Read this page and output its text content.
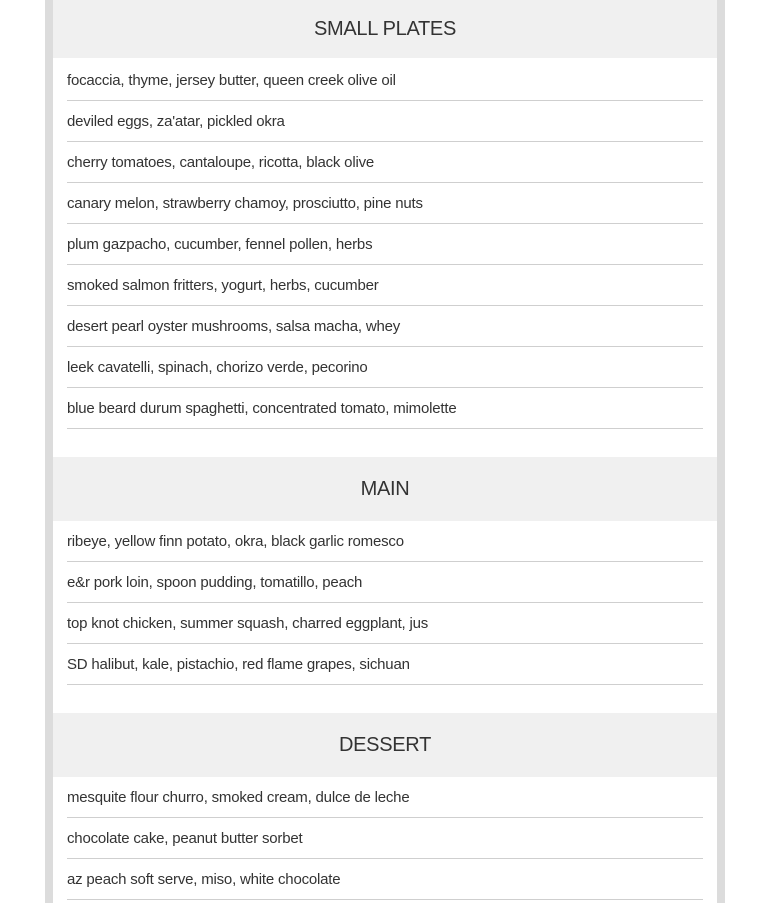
SMALL PLATES
focaccia, thyme, jersey butter, queen creek olive oil
deviled eggs, za'atar, pickled okra
cherry tomatoes, cantaloupe, ricotta, black olive
canary melon, strawberry chamoy, prosciutto, pine nuts
plum gazpacho, cucumber, fennel pollen, herbs
smoked salmon fritters, yogurt, herbs, cucumber
desert pearl oyster mushrooms, salsa macha, whey
leek cavatelli, spinach, chorizo verde, pecorino
blue beard durum spaghetti, concentrated tomato, mimolette
MAIN
ribeye, yellow finn potato, okra, black garlic romesco
e&r pork loin, spoon pudding, tomatillo, peach
top knot chicken, summer squash, charred eggplant, jus
SD halibut, kale, pistachio, red flame grapes, sichuan
DESSERT
mesquite flour churro, smoked cream, dulce de leche
chocolate cake, peanut butter sorbet
az peach soft serve, miso, white chocolate
